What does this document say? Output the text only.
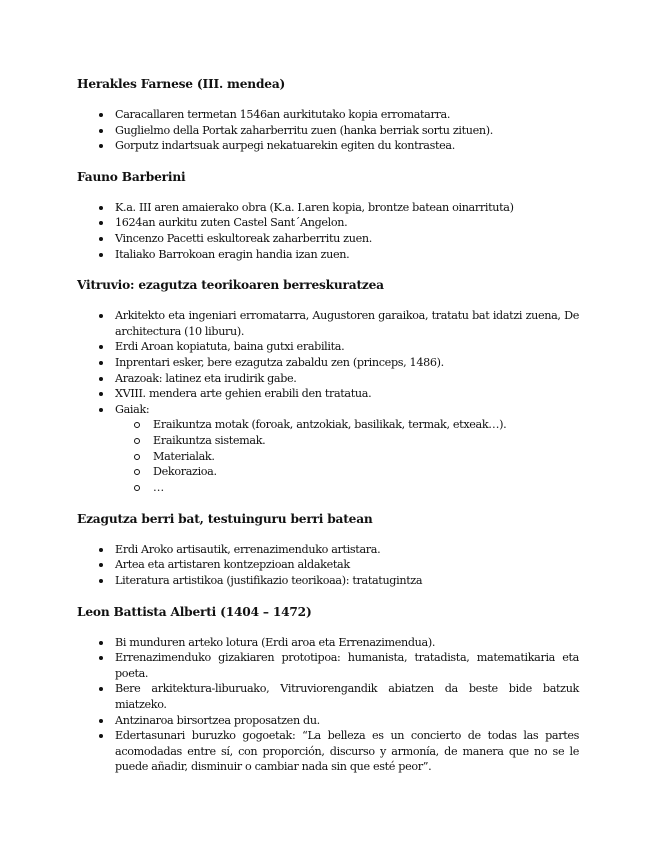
Herakles Farnese (III. mendea)
Caracallaren termetan 1546an aurkitutako kopia erromatarra.
Guglielmo della Portak zaharberritu zuen (hanka berriak sortu zituen).
Gorputz indartsuak aurpegi nekatuarekin egiten du kontrastea.
Fauno Barberini
K.a. III aren amaierako obra (K.a. I.aren kopia, brontze batean oinarrituta)
1624an aurkitu zuten Castel Sant´Angelon.
Vincenzo Pacetti eskultoreak zaharberritu zuen.
Italiako Barrokoan eragin handia izan zuen.
Vitruvio: ezagutza teorikoaren berreskuratzea
Arkitekto eta ingeniari erromatarra, Augustoren garaikoa, tratatu bat idatzi zuena, De architectura (10 liburu).
Erdi Aroan kopiatuta, baina gutxi erabilita.
Inprentari esker, bere ezagutza zabaldu zen (princeps, 1486).
Arazoak: latinez eta irudirik gabe.
XVIII. mendera arte gehien erabili den tratatua.
Gaiak:
Eraikuntza motak (foroak, antzokiak, basilikak, termak, etxeak…).
Eraikuntza sistemak.
Materialak.
Dekorazioa.
…
Ezagutza berri bat, testuinguru berri batean
Erdi Aroko artisautik, errenazimenduko artistara.
Artea eta artistaren kontzepzioan aldaketak
Literatura artistikoa (justifikazio teorikoaa): tratatugintza
Leon Battista Alberti (1404 – 1472)
Bi munduren arteko lotura (Erdi aroa eta Errenazimendua).
Errenazimenduko gizakiaren prototipoa: humanista, tratadista, matematikaria eta poeta.
Bere arkitektura-liburuako, Vitruviorengandik abiatzen da beste bide batzuk miatzeko.
Antzinaroa birsortzea proposatzen du.
Edertasunari buruzko gogoetak: “La belleza es un concierto de todas las partes acomodadas entre sí, con proporción, discurso y armonía, de manera que no se le puede añadir, disminuir o cambiar nada sin que esté peor”.
